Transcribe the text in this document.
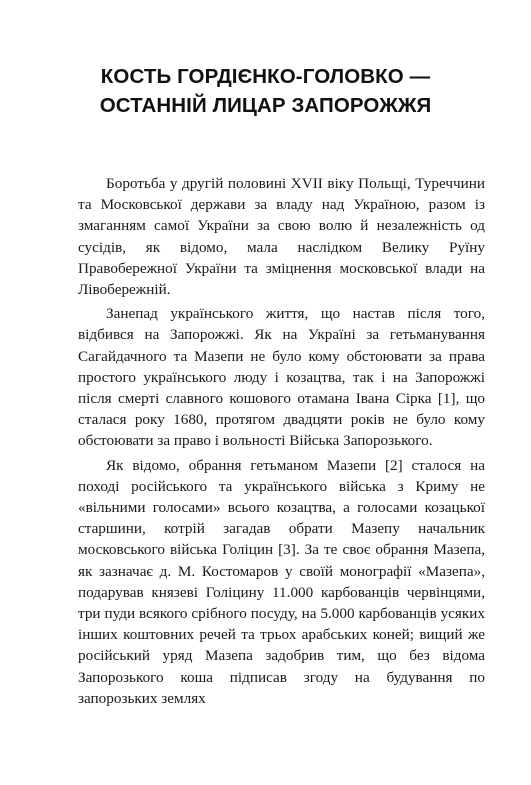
КОСТЬ ГОРДІЄНКО-ГОЛОВКО —
ОСТАННІЙ ЛИЦАР ЗАПОРОЖЖЯ

Боротьба у другій половині XVII віку Польщі, Туреччини та Московської держави за владу над Україною, разом із змаганням самої України за свою волю й незалежність од сусідів, як відомо, мала наслідком Велику Руїну Правобережної України та зміцнення московської влади на Лівобережній.

Занепад українського життя, що настав після того, відбився на Запорожжі. Як на Україні за гетьманування Сагайдачного та Мазепи не було кому обстоювати за права простого українського люду і козацтва, так і на Запорожжі після смерті славного кошового отамана Івана Сірка [1], що сталася року 1680, протягом двадцяти років не було кому обстоювати за право і вольності Війська Запорозького.

Як відомо, обрання гетьманом Мазепи [2] сталося на поході російського та українського війська з Криму не «вільними голосами» всього козацтва, а голосами козацької старшини, котрій загадав обрати Мазепу начальник московського війська Голіцин [3]. За те своє обрання Мазепа, як зазначає д. М. Костомаров у своїй монографії «Мазепа», подарував князеві Голіцину 11.000 карбованців червінцями, три пуди всякого срібного посуду, на 5.000 карбованців усяких інших коштовних речей та трьох арабських коней; вищий же російський уряд Мазепа задобрив тим, що без відома Запорозького коша підписав згоду на будування по запорозьких землях
